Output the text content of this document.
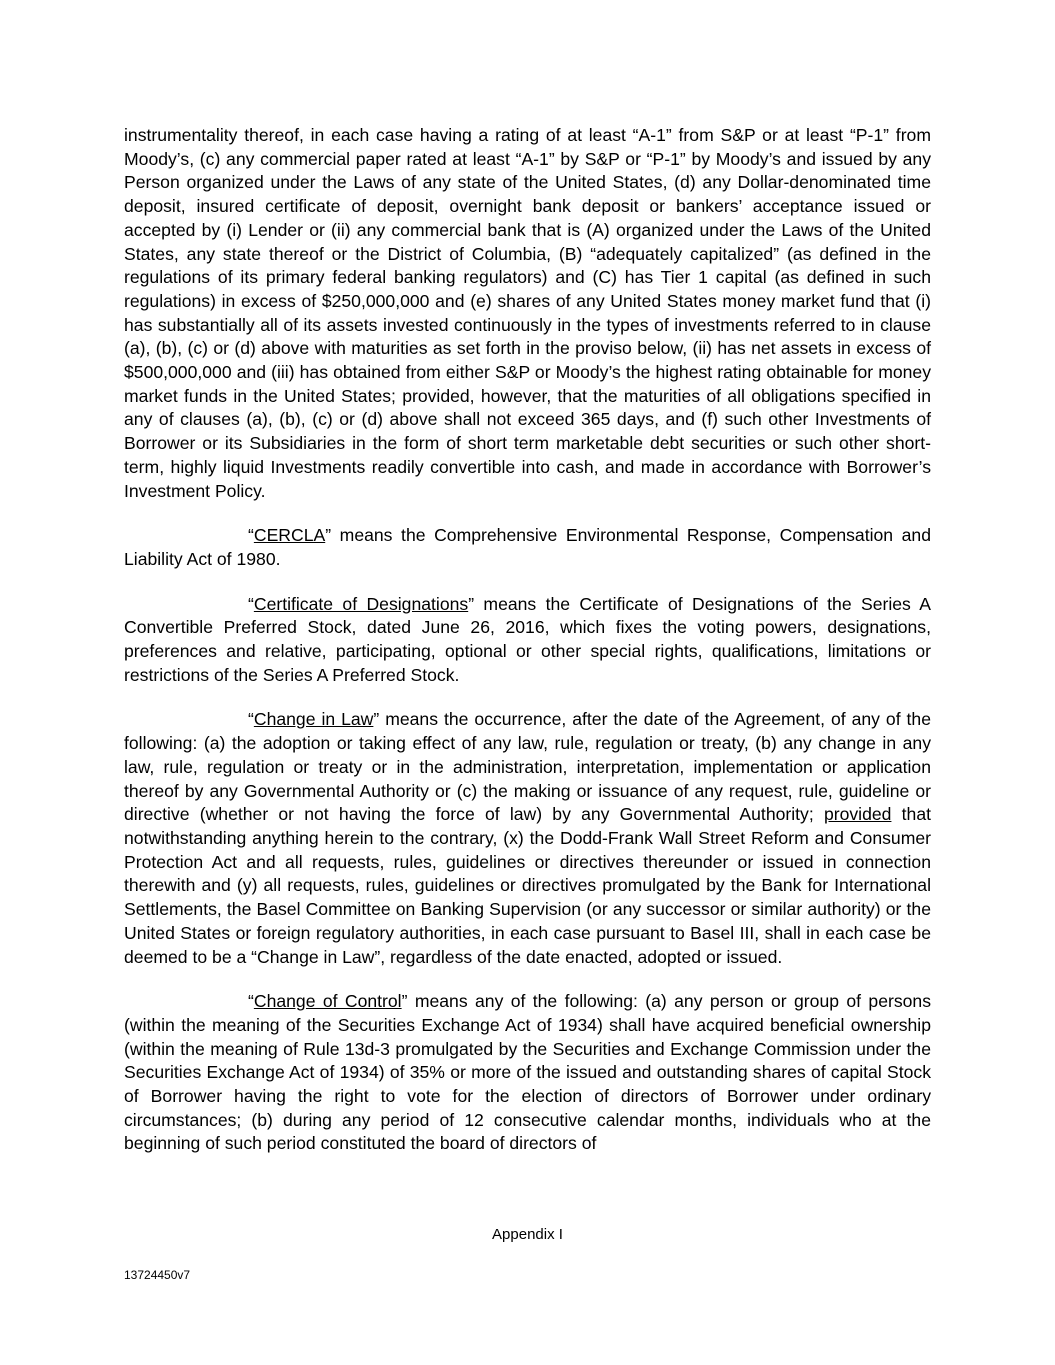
instrumentality thereof, in each case having a rating of at least “A-1” from S&P or at least “P-1” from Moody’s, (c) any commercial paper rated at least “A-1” by S&P or “P-1” by Moody’s and issued by any Person organized under the Laws of any state of the United States, (d) any Dollar-denominated time deposit, insured certificate of deposit, overnight bank deposit or bankers’ acceptance issued or accepted by (i) Lender or (ii) any commercial bank that is (A) organized under the Laws of the United States, any state thereof or the District of Columbia, (B) “adequately capitalized” (as defined in the regulations of its primary federal banking regulators) and (C) has Tier 1 capital (as defined in such regulations) in excess of $250,000,000 and (e) shares of any United States money market fund that (i) has substantially all of its assets invested continuously in the types of investments referred to in clause (a), (b), (c) or (d) above with maturities as set forth in the proviso below, (ii) has net assets in excess of $500,000,000 and (iii) has obtained from either S&P or Moody’s the highest rating obtainable for money market funds in the United States; provided, however, that the maturities of all obligations specified in any of clauses (a), (b), (c) or (d) above shall not exceed 365 days, and (f) such other Investments of Borrower or its Subsidiaries in the form of short term marketable debt securities or such other short-term, highly liquid Investments readily convertible into cash, and made in accordance with Borrower’s Investment Policy.

“CERCLA” means the Comprehensive Environmental Response, Compensation and Liability Act of 1980.

“Certificate of Designations” means the Certificate of Designations of the Series A Convertible Preferred Stock, dated June 26, 2016, which fixes the voting powers, designations, preferences and relative, participating, optional or other special rights, qualifications, limitations or restrictions of the Series A Preferred Stock.

“Change in Law” means the occurrence, after the date of the Agreement, of any of the following: (a) the adoption or taking effect of any law, rule, regulation or treaty, (b) any change in any law, rule, regulation or treaty or in the administration, interpretation, implementation or application thereof by any Governmental Authority or (c) the making or issuance of any request, rule, guideline or directive (whether or not having the force of law) by any Governmental Authority; provided that notwithstanding anything herein to the contrary, (x) the Dodd-Frank Wall Street Reform and Consumer Protection Act and all requests, rules, guidelines or directives thereunder or issued in connection therewith and (y) all requests, rules, guidelines or directives promulgated by the Bank for International Settlements, the Basel Committee on Banking Supervision (or any successor or similar authority) or the United States or foreign regulatory authorities, in each case pursuant to Basel III, shall in each case be deemed to be a “Change in Law”, regardless of the date enacted, adopted or issued.

“Change of Control” means any of the following: (a) any person or group of persons (within the meaning of the Securities Exchange Act of 1934) shall have acquired beneficial ownership (within the meaning of Rule 13d-3 promulgated by the Securities and Exchange Commission under the Securities Exchange Act of 1934) of 35% or more of the issued and outstanding shares of capital Stock of Borrower having the right to vote for the election of directors of Borrower under ordinary circumstances; (b) during any period of 12 consecutive calendar months, individuals who at the beginning of such period constituted the board of directors of

Appendix I
13724450v7
